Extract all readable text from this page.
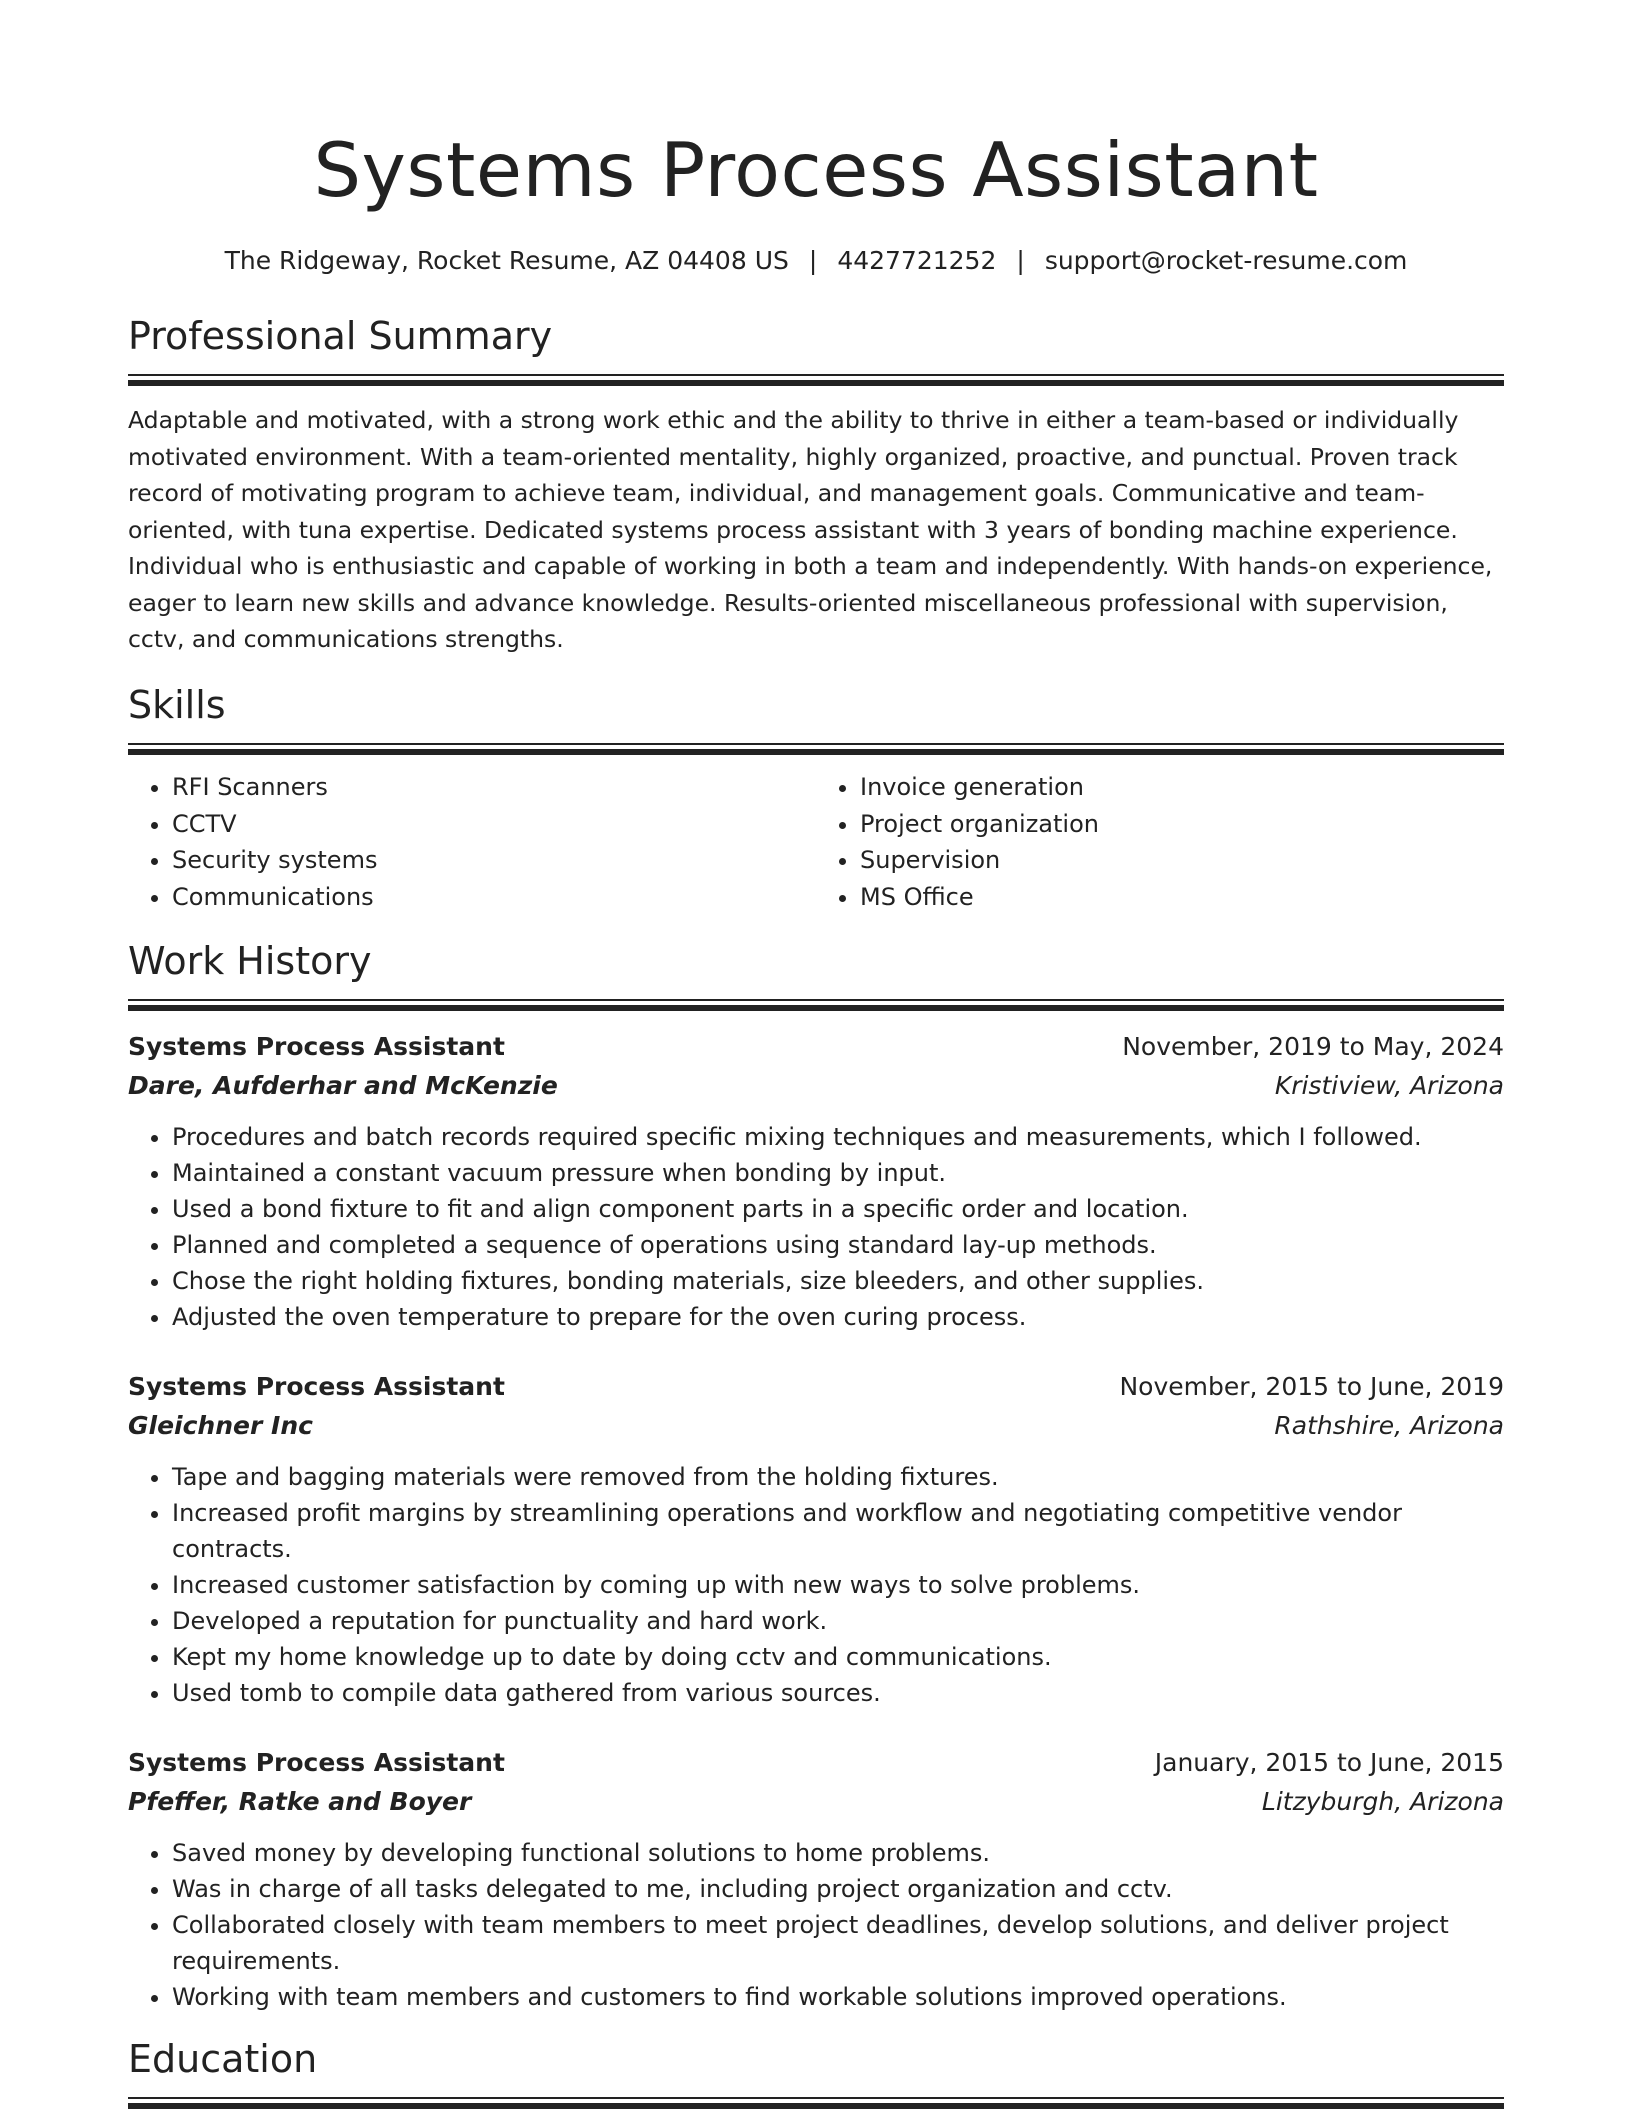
Systems Process Assistant
The Ridgeway, Rocket Resume, AZ 04408 US | 4427721252 | support@rocket-resume.com
Professional Summary

Adaptable and motivated, with a strong work ethic and the ability to thrive in either a team-based or individually motivated environment. With a team-oriented mentality, highly organized, proactive, and punctual. Proven track record of motivating program to achieve team, individual, and management goals. Communicative and team-oriented, with tuna expertise. Dedicated systems process assistant with 3 years of bonding machine experience. Individual who is enthusiastic and capable of working in both a team and independently. With hands-on experience, eager to learn new skills and advance knowledge. Results-oriented miscellaneous professional with supervision, cctv, and communications strengths.

Skills
• RFI Scanners
• CCTV
• Security systems
• Communications
• Invoice generation
• Project organization
• Supervision
• MS Office
Work History
Systems Process Assistant	November, 2019 to May, 2024
Dare, Aufderhar and McKenzie	Kristiview, Arizona
• Procedures and batch records required specific mixing techniques and measurements, which I followed.
• Maintained a constant vacuum pressure when bonding by input.
• Used a bond fixture to fit and align component parts in a specific order and location.
• Planned and completed a sequence of operations using standard lay-up methods.
• Chose the right holding fixtures, bonding materials, size bleeders, and other supplies.
• Adjusted the oven temperature to prepare for the oven curing process.
Systems Process Assistant	November, 2015 to June, 2019
Gleichner Inc	Rathshire, Arizona
• Tape and bagging materials were removed from the holding fixtures.
• Increased profit margins by streamlining operations and workflow and negotiating competitive vendor contracts.
• Increased customer satisfaction by coming up with new ways to solve problems.
• Developed a reputation for punctuality and hard work.
• Kept my home knowledge up to date by doing cctv and communications.
• Used tomb to compile data gathered from various sources.
Systems Process Assistant	January, 2015 to June, 2015
Pfeffer, Ratke and Boyer	Litzyburgh, Arizona
• Saved money by developing functional solutions to home problems.
• Was in charge of all tasks delegated to me, including project organization and cctv.
• Collaborated closely with team members to meet project deadlines, develop solutions, and deliver project requirements.
• Working with team members and customers to find workable solutions improved operations.
Education
